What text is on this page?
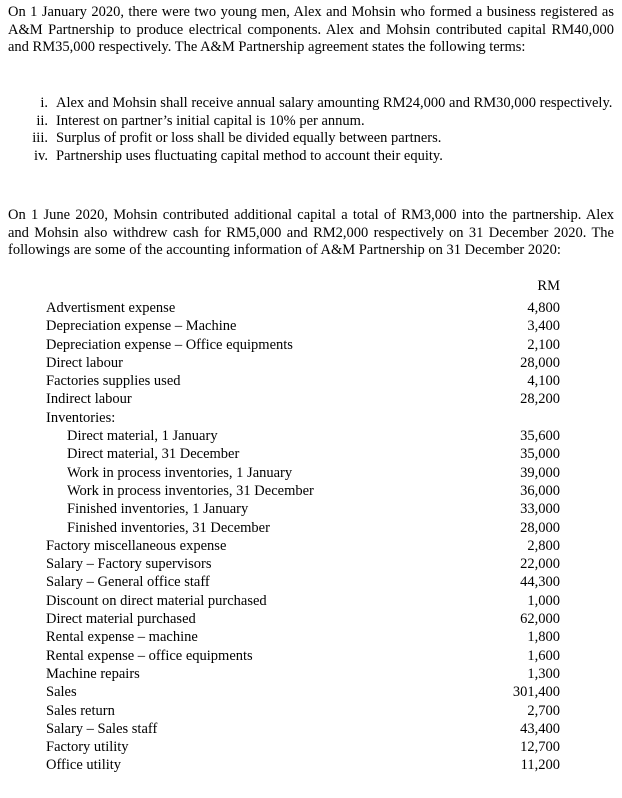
On 1 January 2020, there were two young men, Alex and Mohsin who formed a business registered as A&M Partnership to produce electrical components. Alex and Mohsin contributed capital RM40,000 and RM35,000 respectively. The A&M Partnership agreement states the following terms:

i. Alex and Mohsin shall receive annual salary amounting RM24,000 and RM30,000 respectively.
ii. Interest on partner’s initial capital is 10% per annum.
iii. Surplus of profit or loss shall be divided equally between partners.
iv. Partnership uses fluctuating capital method to account their equity.

On 1 June 2020, Mohsin contributed additional capital a total of RM3,000 into the partnership. Alex and Mohsin also withdrew cash for RM5,000 and RM2,000 respectively on 31 December 2020. The followings are some of the accounting information of A&M Partnership on 31 December 2020:

RM
Advertisment expense	4,800
Depreciation expense – Machine	3,400
Depreciation expense – Office equipments	2,100
Direct labour	28,000
Factories supplies used	4,100
Indirect labour	28,200
Inventories:
Direct material, 1 January	35,600
Direct material, 31 December	35,000
Work in process inventories, 1 January	39,000
Work in process inventories, 31 December	36,000
Finished inventories, 1 January	33,000
Finished inventories, 31 December	28,000
Factory miscellaneous expense	2,800
Salary – Factory supervisors	22,000
Salary – General office staff	44,300
Discount on direct material purchased	1,000
Direct material purchased	62,000
Rental expense – machine	1,800
Rental expense – office equipments	1,600
Machine repairs	1,300
Sales	301,400
Sales return	2,700
Salary – Sales staff	43,400
Factory utility	12,700
Office utility	11,200
